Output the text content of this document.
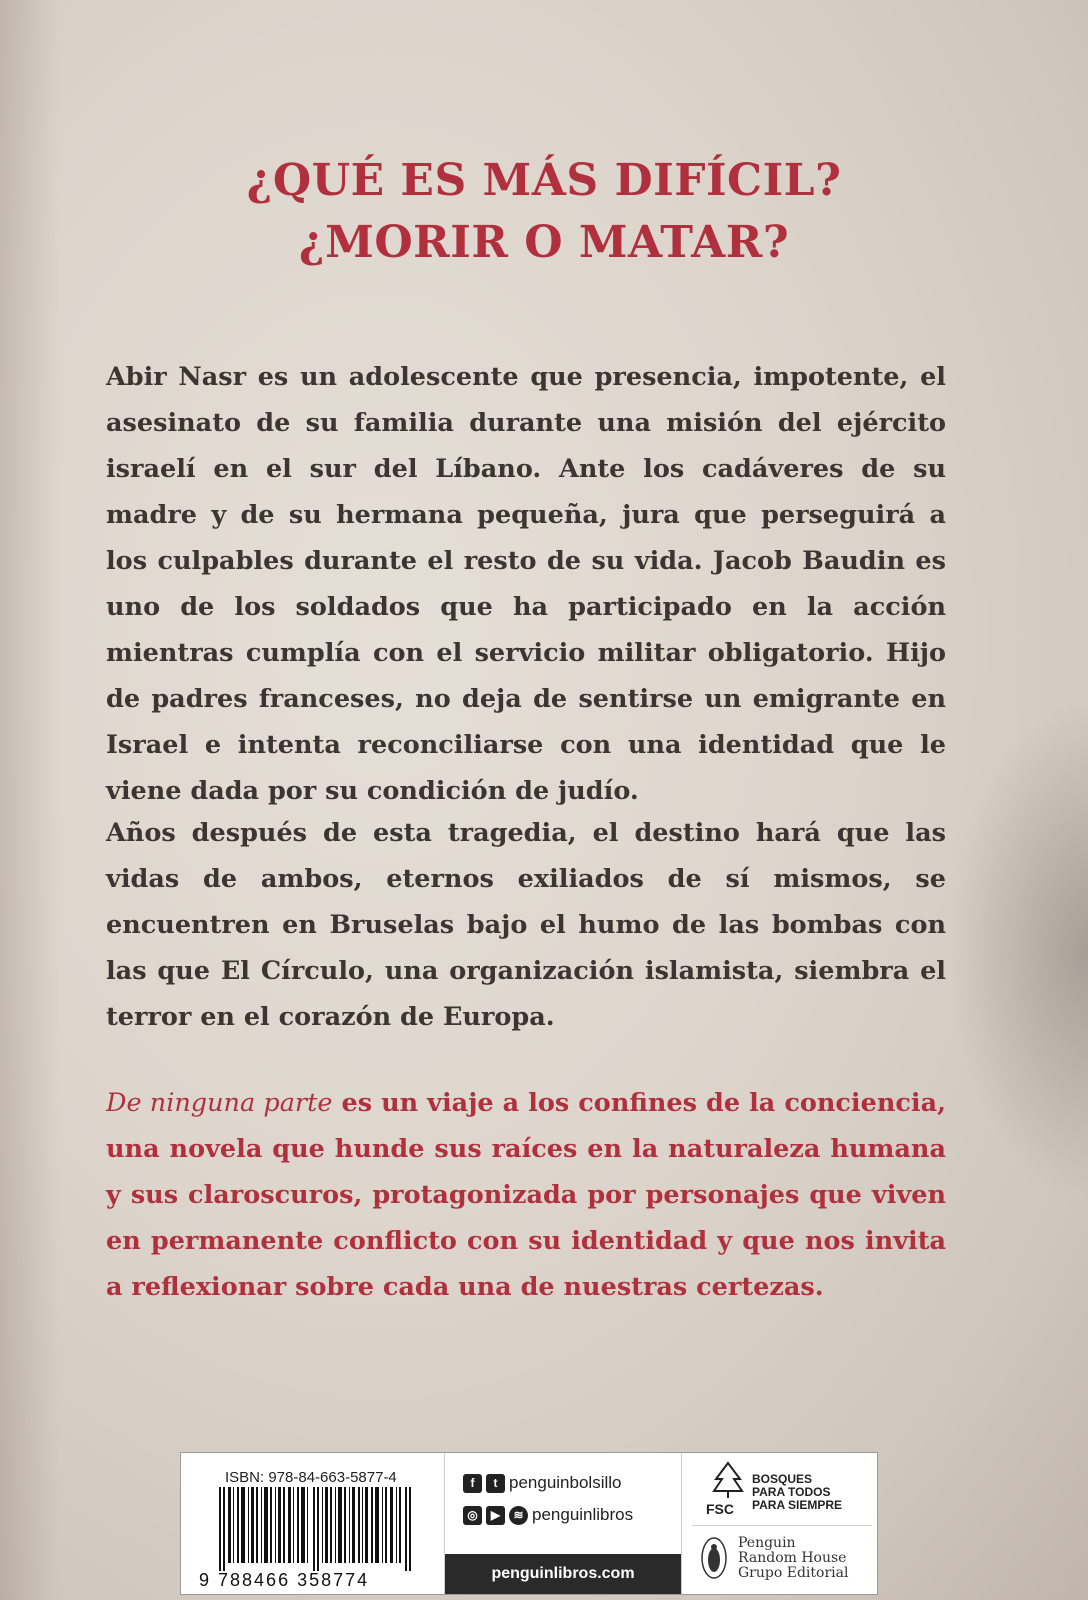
¿QUÉ ES MÁS DIFÍCIL?
¿MORIR O MATAR?

Abir Nasr es un adolescente que presencia, impotente, el asesinato de su familia durante una misión del ejército israelí en el sur del Líbano. Ante los cadáveres de su madre y de su hermana pequeña, jura que perseguirá a los culpables durante el resto de su vida. Jacob Baudin es uno de los soldados que ha participado en la acción mientras cumplía con el servicio militar obligatorio. Hijo de padres franceses, no deja de sentirse un emigrante en Israel e intenta reconciliarse con una identidad que le viene dada por su condición de judío.

Años después de esta tragedia, el destino hará que las vidas de ambos, eternos exiliados de sí mismos, se encuentren en Bruselas bajo el humo de las bombas con las que El Círculo, una organización islamista, siembra el terror en el corazón de Europa.

De ninguna parte es un viaje a los confines de la conciencia, una novela que hunde sus raíces en la naturaleza humana y sus claroscuros, protagonizada por personajes que viven en permanente conflicto con su identidad y que nos invita a reflexionar sobre cada una de nuestras certezas.

ISBN: 978-84-663-5877-4
9 788466 358774
f	t penguinbolsillo
◎	▶	≋ penguinlibros
penguinlibros.com
FSC
BOSQUES
PARA TODOS
PARA SIEMPRE
Penguin
Random House
Grupo Editorial
